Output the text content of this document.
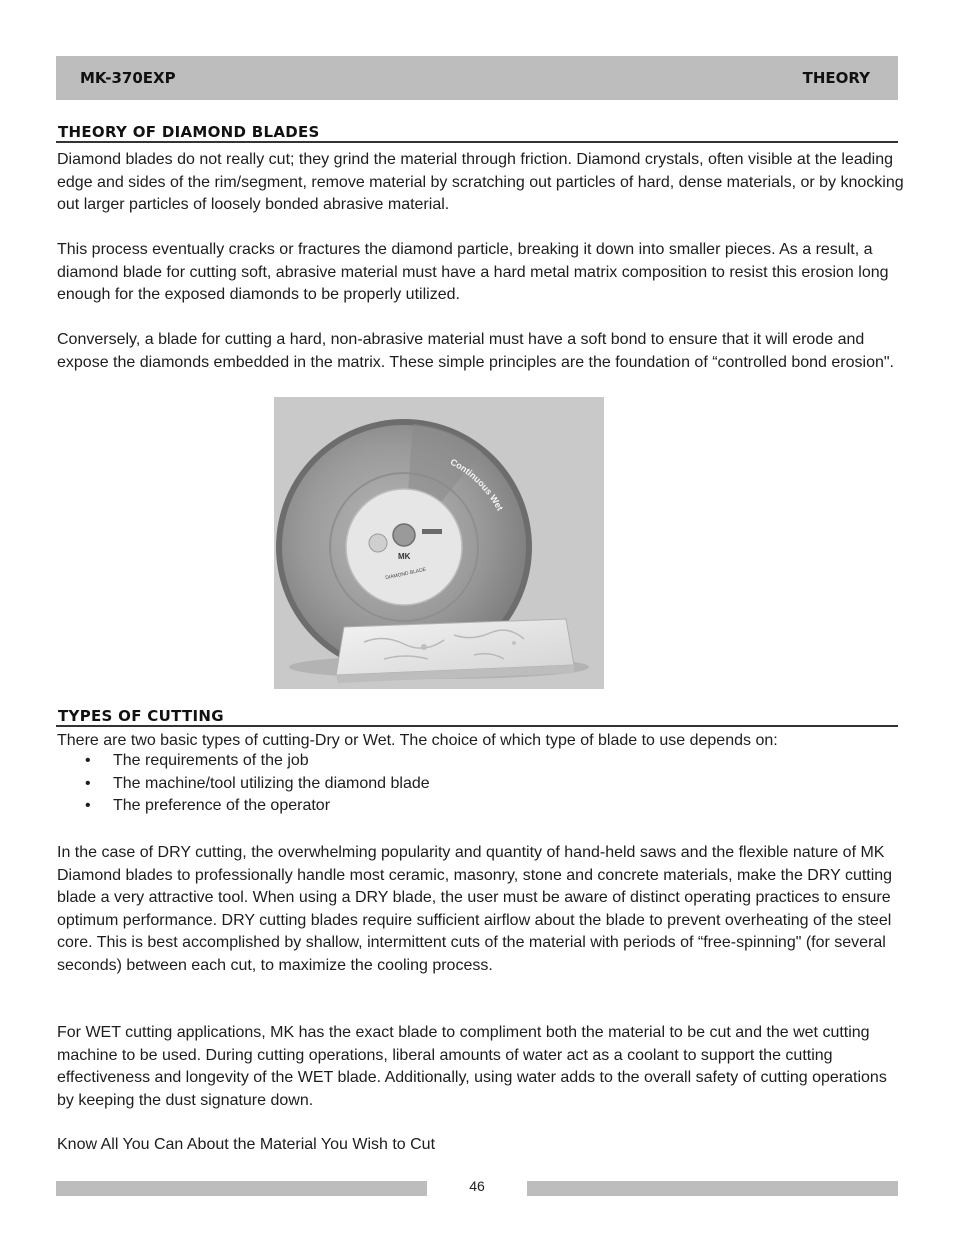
MK-370EXP	THEORY
THEORY OF DIAMOND BLADES

Diamond blades do not really cut; they grind the material through friction. Diamond crystals, often visible at the leading edge and sides of the rim/segment, remove material by scratching out particles of hard, dense materials, or by knocking out larger particles of loosely bonded abrasive material.

This process eventually cracks or fractures the diamond particle, breaking it down into smaller pieces. As a result, a diamond blade for cutting soft, abrasive material must have a hard metal matrix composition to resist this erosion long enough for the exposed diamonds to be properly utilized.

Conversely, a blade for cutting a hard, non-abrasive material must have a soft bond to ensure that it will erode and expose the diamonds embedded in the matrix. These simple principles are the foundation of “controlled bond erosion".

MK
DIAMOND BLADE
Continuous Wet
TYPES OF CUTTING

There are two basic types of cutting-Dry or Wet. The choice of which type of blade to use depends on:

• The requirements of the job
• The machine/tool utilizing the diamond blade
• The preference of the operator

In the case of DRY cutting, the overwhelming popularity and quantity of hand-held saws and the flexible nature of MK Diamond blades to professionally handle most ceramic, masonry, stone and concrete materials, make the DRY cutting blade a very attractive tool. When using a DRY blade, the user must be aware of distinct operating practices to ensure optimum performance. DRY cutting blades require sufficient airflow about the blade to prevent overheating of the steel core. This is best accomplished by shallow, intermittent cuts of the material with periods of “free-spinning" (for several seconds) between each cut, to maximize the cooling process.

For WET cutting applications, MK has the exact blade to compliment both the material to be cut and the wet cutting machine to be used. During cutting operations, liberal amounts of water act as a coolant to support the cutting effectiveness and longevity of the WET blade. Additionally, using water adds to the overall safety of cutting operations by keeping the dust signature down.

Know All You Can About the Material You Wish to Cut

46
